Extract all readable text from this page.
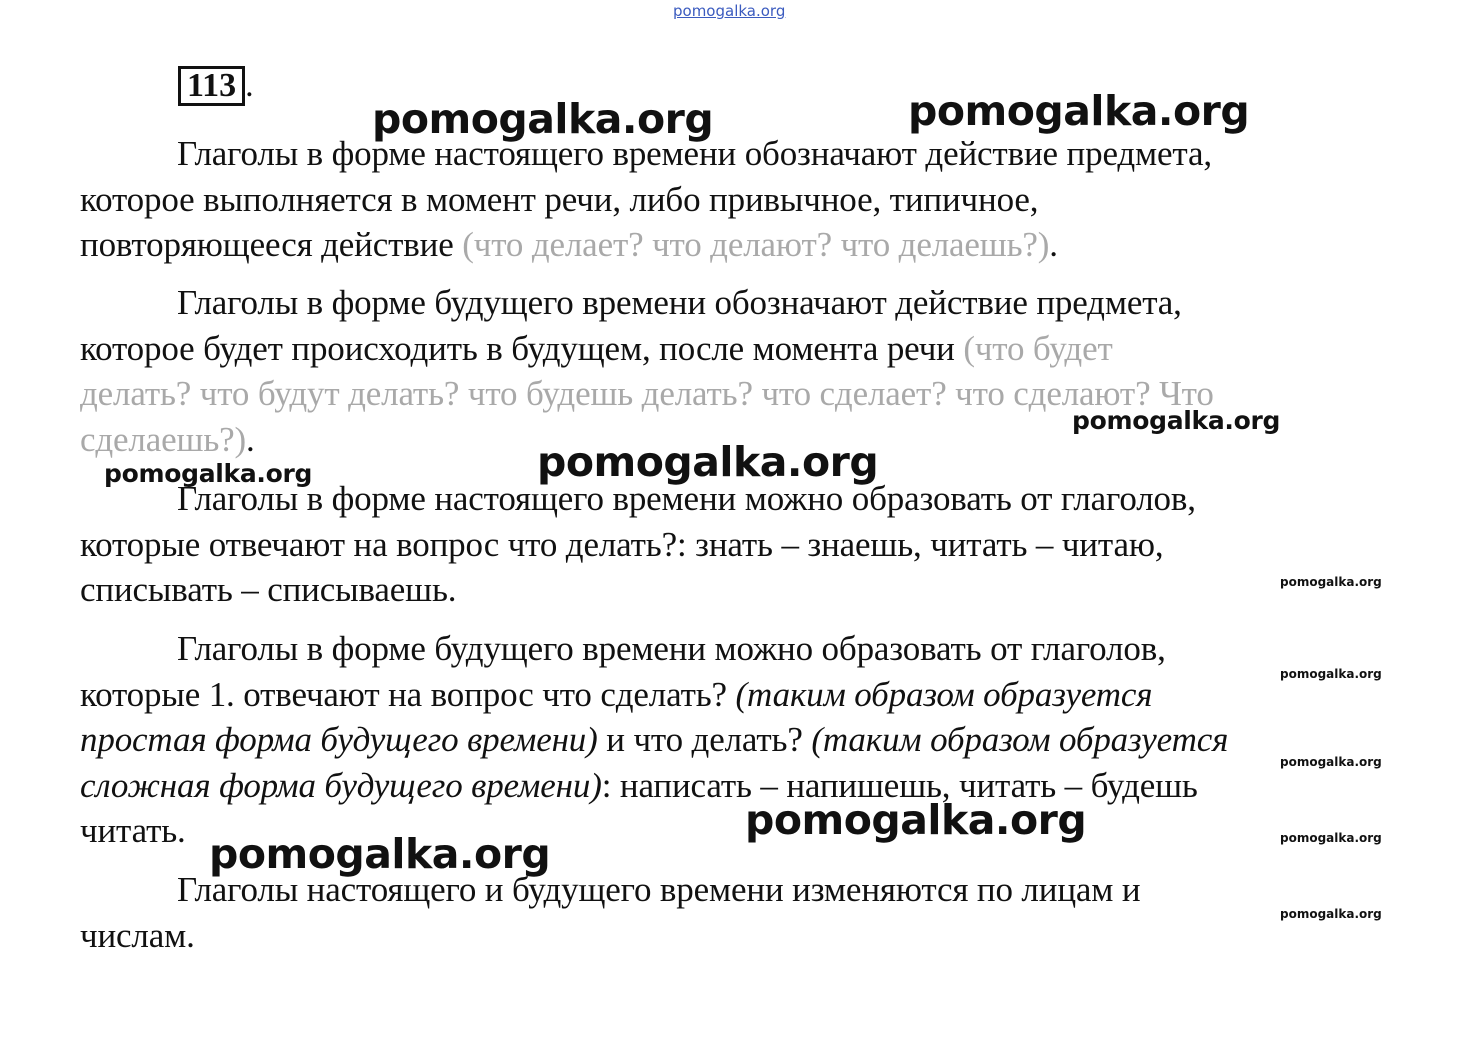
pomogalka.org
113 .

Глаголы в форме настоящего времени обозначают действие предмета,

которое выполняется в момент речи, либо привычное, типичное,

повторяющееся действие (что делает? что делают? что делаешь?).

Глаголы в форме будущего времени обозначают действие предмета,

которое будет происходить в будущем, после момента речи (что будет

делать? что будут делать? что будешь делать? что сделает? что сделают? Что

сделаешь?).

Глаголы в форме настоящего времени можно образовать от глаголов,

которые отвечают на вопрос что делать?: знать – знаешь, читать – читаю,

списывать – списываешь.

Глаголы в форме будущего времени можно образовать от глаголов,

которые 1. отвечают на вопрос что сделать? (таким образом образуется

простая форма будущего времени) и что делать? (таким образом образуется

сложная форма будущего времени): написать – напишешь, читать – будешь

читать.

Глаголы настоящего и будущего времени изменяются по лицам и

числам.

pomogalka.org	pomogalka.org
pomogalka.org
pomogalka.org
pomogalka.org
pomogalka.org
pomogalka.org
pomogalka.org
pomogalka.org	pomogalka.org
pomogalka.org
pomogalka.org
